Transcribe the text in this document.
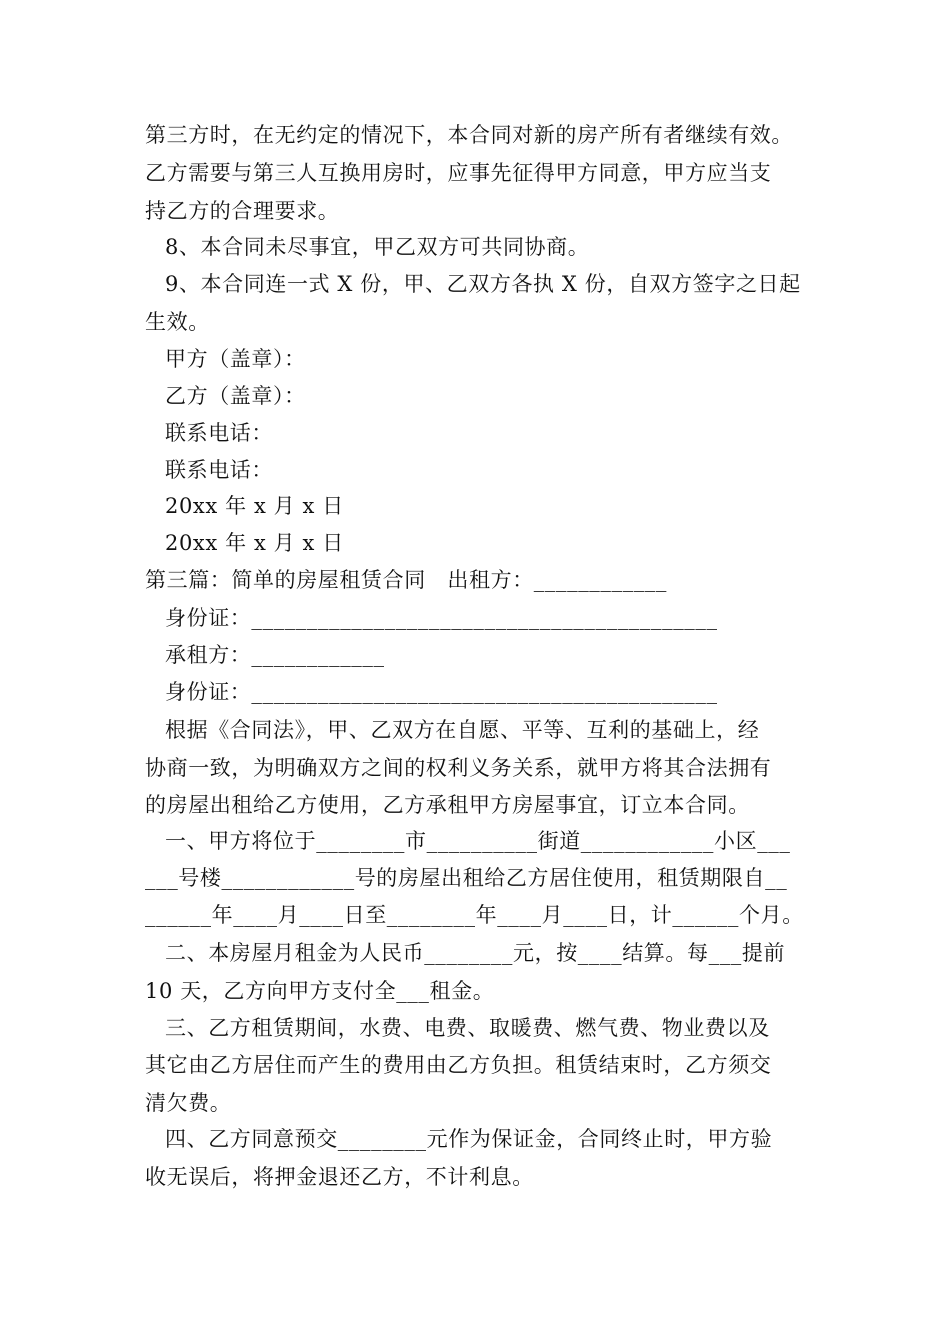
第三方时，在无约定的情况下，本合同对新的房产所有者继续有效。
乙方需要与第三人互换用房时，应事先征得甲方同意，甲方应当支
持乙方的合理要求。
8、本合同未尽事宜，甲乙双方可共同协商。
9、本合同连一式 X 份，甲、乙双方各执 X 份，自双方签字之日起
生效。
甲方（盖章）：
乙方（盖章）：
联系电话：
联系电话：
20xx 年 x 月 x 日
20xx 年 x 月 x 日
第三篇：简单的房屋租赁合同　出租方：____________
身份证：__________________________________________
承租方：____________
身份证：__________________________________________
根据《合同法》，甲、乙双方在自愿、平等、互利的基础上，经
协商一致，为明确双方之间的权利义务关系，就甲方将其合法拥有
的房屋出租给乙方使用，乙方承租甲方房屋事宜，订立本合同。
一、甲方将位于________市__________街道____________小区___
___号楼____________号的房屋出租给乙方居住使用，租赁期限自__
______年____月____日至________年____月____日，计______个月。
二、本房屋月租金为人民币________元，按____结算。每___提前
10 天，乙方向甲方支付全___租金。
三、乙方租赁期间，水费、电费、取暖费、燃气费、物业费以及
其它由乙方居住而产生的费用由乙方负担。租赁结束时，乙方须交
清欠费。
四、乙方同意预交________元作为保证金，合同终止时，甲方验
收无误后，将押金退还乙方，不计利息。
